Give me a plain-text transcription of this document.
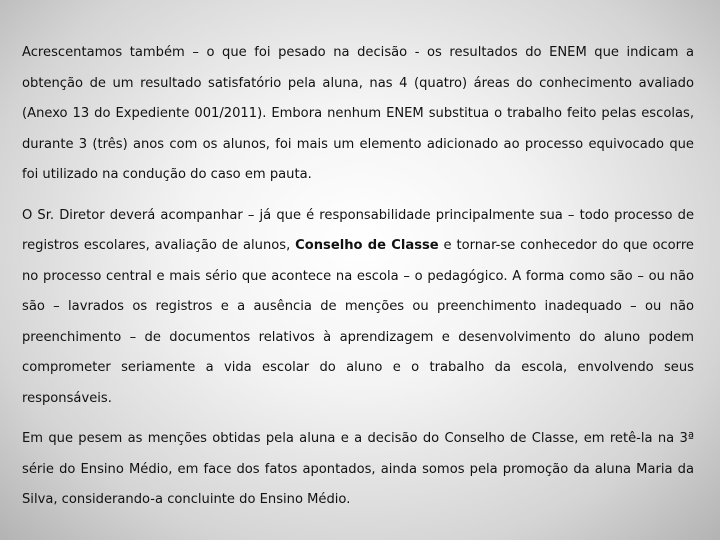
Acrescentamos também – o que foi pesado na decisão - os resultados do ENEM que indicam a obtenção de um resultado satisfatório pela aluna, nas 4 (quatro) áreas do conhecimento avaliado (Anexo 13 do Expediente 001/2011). Embora nenhum ENEM substitua o trabalho feito pelas escolas, durante 3 (três) anos com os alunos, foi mais um elemento adicionado ao processo equivocado que foi utilizado na condução do caso em pauta.

O Sr. Diretor deverá acompanhar – já que é responsabilidade principalmente sua – todo processo de registros escolares, avaliação de alunos, Conselho de Classe e tornar-se conhecedor do que ocorre no processo central e mais sério que acontece na escola – o pedagógico. A forma como são – ou não são – lavrados os registros e a ausência de menções ou preenchimento inadequado – ou não preenchimento – de documentos relativos à aprendizagem e desenvolvimento do aluno podem comprometer seriamente a vida escolar do aluno e o trabalho da escola, envolvendo seus responsáveis.

Em que pesem as menções obtidas pela aluna e a decisão do Conselho de Classe, em retê-la na 3ª série do Ensino Médio, em face dos fatos apontados, ainda somos pela promoção da aluna Maria da Silva, considerando-a concluinte do Ensino Médio.
